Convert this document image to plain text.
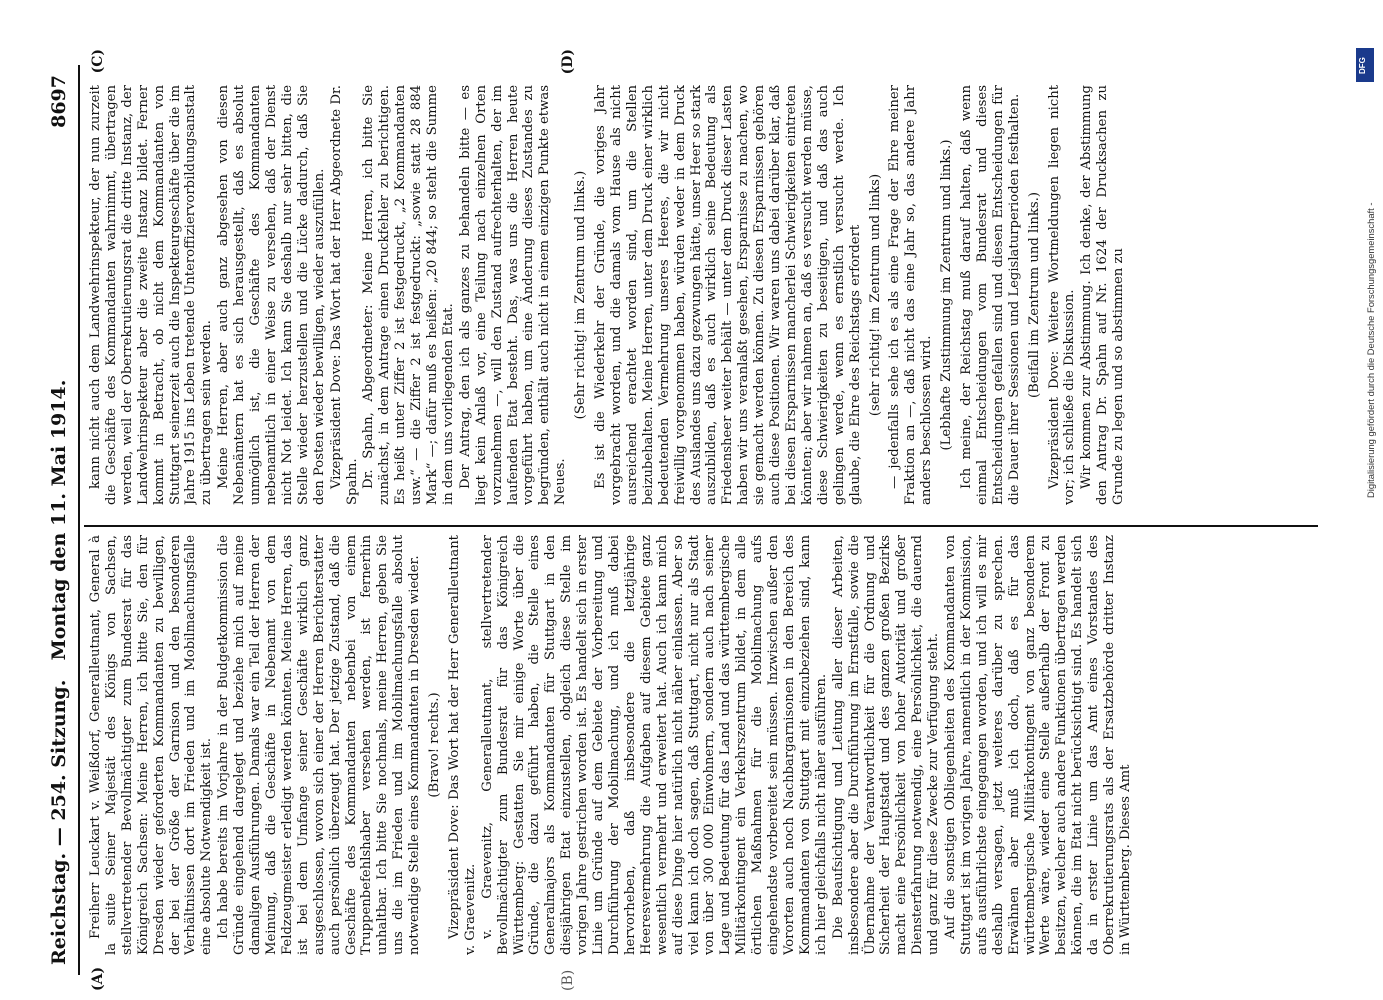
Reichstag. — 254. Sitzung.
Montag den 11. Mai 1914.
8697
(A)	(B)
(C)	(D)

Freiherr Leuckart v. Weißdorf, Generalleutnant, General à la suite Seiner Majestät des Königs von Sachsen, stellvertretender Bevollmächtigter zum Bundesrat für das Königreich Sachsen: Meine Herren, ich bitte Sie, den für Dresden wieder geforderten Kommandanten zu bewilligen, der bei der Größe der Garnison und den besonderen Verhältnissen dort im Frieden und im Mobilmachungsfalle eine absolute Notwendigkeit ist. Ich habe bereits im Vorjahre in der Budgetkommission die Gründe eingehend dargelegt und beziehe mich auf meine damaligen Ausführungen. Damals war ein Teil der Herren der Meinung, daß die Geschäfte in Nebenamt von dem Feldzeugmeister erledigt werden könnten. Meine Herren, das ist bei dem Umfange seiner Geschäfte wirklich ganz ausgeschlossen, wovon sich einer der Herren Berichterstatter auch persönlich überzeugt hat. Der jetzige Zustand, daß die Geschäfte des Kommandanten nebenbei von einem Truppenbefehlshaber versehen werden, ist fernerhin unhaltbar. Ich bitte Sie nochmals, meine Herren, geben Sie uns die im Frieden und im Mobilmachungsfalle absolut notwendige Stelle eines Kommandanten in Dresden wieder. (Bravo! rechts.) Vizepräsident Dove: Das Wort hat der Herr Generalleutnant v. Graevenitz. v. Graevenitz, Generalleutnant, stellvertretender Bevollmächtigter zum Bundesrat für das Königreich Württemberg: Gestatten Sie mir einige Worte über die Gründe, die dazu geführt haben, die Stelle eines Generalmajors als Kommandanten für Stuttgart in den diesjährigen Etat einzustellen, obgleich diese Stelle im vorigen Jahre gestrichen worden ist. Es handelt sich in erster Linie um Gründe auf dem Gebiete der Vorbereitung und Durchführung der Mobilmachung, und ich muß dabei hervorheben, daß insbesondere die letztjährige Heeresvermehrung die Aufgaben auf diesem Gebiete ganz wesentlich vermehrt und erweitert hat. Auch ich kann mich auf diese Dinge hier natürlich nicht näher einlassen. Aber so viel kann ich doch sagen, daß Stuttgart, nicht nur als Stadt von über 300 000 Einwohnern, sondern auch nach seiner Lage und Bedeutung für das Land und das württembergische Militärkontingent ein Verkehrszentrum bildet, in dem alle örtlichen Maßnahmen für die Mobilmachung aufs eingehendste vorbereitet sein müssen. Inzwischen außer den Vororten auch noch Nachbargarnisonen in den Bereich des Kommandanten von Stuttgart mit einzubeziehen sind, kann ich hier gleichfalls nicht näher ausführen. Die Beaufsichtigung und Leitung aller dieser Arbeiten, insbesondere aber die Durchführung im Ernstfalle, sowie die Übernahme der Verantwortlichkeit für die Ordnung und Sicherheit der Hauptstadt und des ganzen großen Bezirks macht eine Persönlichkeit von hoher Autorität und großer Diensterfahrung notwendig, eine Persönlichkeit, die dauernd und ganz für diese Zwecke zur Verfügung steht. Auf die sonstigen Obliegenheiten des Kommandanten von Stuttgart ist im vorigen Jahre, namentlich in der Kommission, aufs ausführlichste eingegangen worden, und ich will es mir deshalb versagen, jetzt weiteres darüber zu sprechen. Erwähnen aber muß ich doch, daß es für das württembergische Militärkontingent von ganz besonderem Werte wäre, wieder eine Stelle außerhalb der Front zu besitzen, welcher auch andere Funktionen übertragen werden können, die im Etat nicht berücksichtigt sind. Es handelt sich da in erster Linie um das Amt eines Vorstandes des Oberrekrutierungsrats als der Ersatzbehörde dritter Instanz in Württemberg. Dieses Amt

kann nicht auch dem Landwehrinspekteur, der nun zurzeit die Geschäfte des Kommandanten wahrnimmt, übertragen werden, weil der Oberrekrutierungsrat die dritte Instanz, der Landwehrinspekteur aber die zweite Instanz bildet. Ferner kommt in Betracht, ob nicht dem Kommandanten von Stuttgart seinerzeit auch die Inspekteurgeschäfte über die im Jahre 1915 ins Leben tretende Unteroffiziervorbildungsanstalt zu übertragen sein werden. Meine Herren, aber auch ganz abgesehen von diesen Nebenämtern hat es sich herausgestellt, daß es absolut unmöglich ist, die Geschäfte des Kommandanten nebenamtlich in einer Weise zu versehen, daß der Dienst nicht Not leidet. Ich kann Sie deshalb nur sehr bitten, die Stelle wieder herzustellen und die Lücke dadurch, daß Sie den Posten wieder bewilligen, wieder auszufüllen. Vizepräsident Dove: Das Wort hat der Herr Abgeordnete Dr. Spahn. Dr. Spahn, Abgeordneter: Meine Herren, ich bitte Sie zunächst, in dem Antrage einen Druckfehler zu berichtigen. Es heißt unter Ziffer 2 ist festgedruckt, „2 Kommandanten usw.“ — die Ziffer 2 ist festgedruckt: „sowie statt 28 884 Mark“ —; dafür muß es heißen: „20 844; so steht die Summe in dem uns vorliegenden Etat. Der Antrag, den ich als ganzes zu behandeln bitte — es liegt kein Anlaß vor, eine Teilung nach einzelnen Orten vorzunehmen —, will den Zustand aufrechterhalten, der im laufenden Etat besteht. Das, was uns die Herren heute vorgeführt haben, um eine Änderung dieses Zustandes zu begründen, enthält auch nicht in einem einzigen Punkte etwas Neues.

(Sehr richtig! im Zentrum und links.) Es ist die Wiederkehr der Gründe, die voriges Jahr vorgebracht worden, und die damals vom Hause als nicht ausreichend erachtet worden sind, um die Stellen beizubehalten. Meine Herren, unter dem Druck einer wirklich bedeutenden Vermehrung unseres Heeres, die wir nicht freiwillig vorgenommen haben, würden weder in dem Druck des Auslandes uns dazu gezwungen hätte, unser Heer so stark auszubilden, daß es auch wirklich seine Bedeutung als Friedensheer weiter behält — unter dem Druck dieser Lasten haben wir uns veranlaßt gesehen, Ersparnisse zu machen, wo sie gemacht werden können. Zu diesen Ersparnissen gehören auch diese Positionen. Wir waren uns dabei darüber klar, daß bei diesen Ersparnissen mancherlei Schwierigkeiten eintreten könnten; aber wir nahmen an, daß es versucht werden müsse, diese Schwierigkeiten zu beseitigen, und daß das auch gelingen werde, wenn es ernstlich versucht werde. Ich glaube, die Ehre des Reichstags erfordert (sehr richtig! im Zentrum und links) — jedenfalls sehe ich es als eine Frage der Ehre meiner Fraktion an —, daß nicht das eine Jahr so, das andere Jahr anders beschlossen wird. (Lebhafte Zustimmung im Zentrum und links.) Ich meine, der Reichstag muß darauf halten, daß wenn einmal Entscheidungen vom Bundesrat und dieses Entscheidungen gefallen sind und diesen Entscheidungen für die Dauer ihrer Sessionen und Legislaturperioden festhalten. (Beifall im Zentrum und links.) Vizepräsident Dove: Weitere Wortmeldungen liegen nicht vor; ich schließe die Diskussion. Wir kommen zur Abstimmung. Ich denke, der Abstimmung den Antrag Dr. Spahn auf Nr. 1624 der Drucksachen zu Grunde zu legen und so abstimmen zu

DFG
Digitalisierung gefördert durch die Deutsche Forschungsgemeinschaft -
